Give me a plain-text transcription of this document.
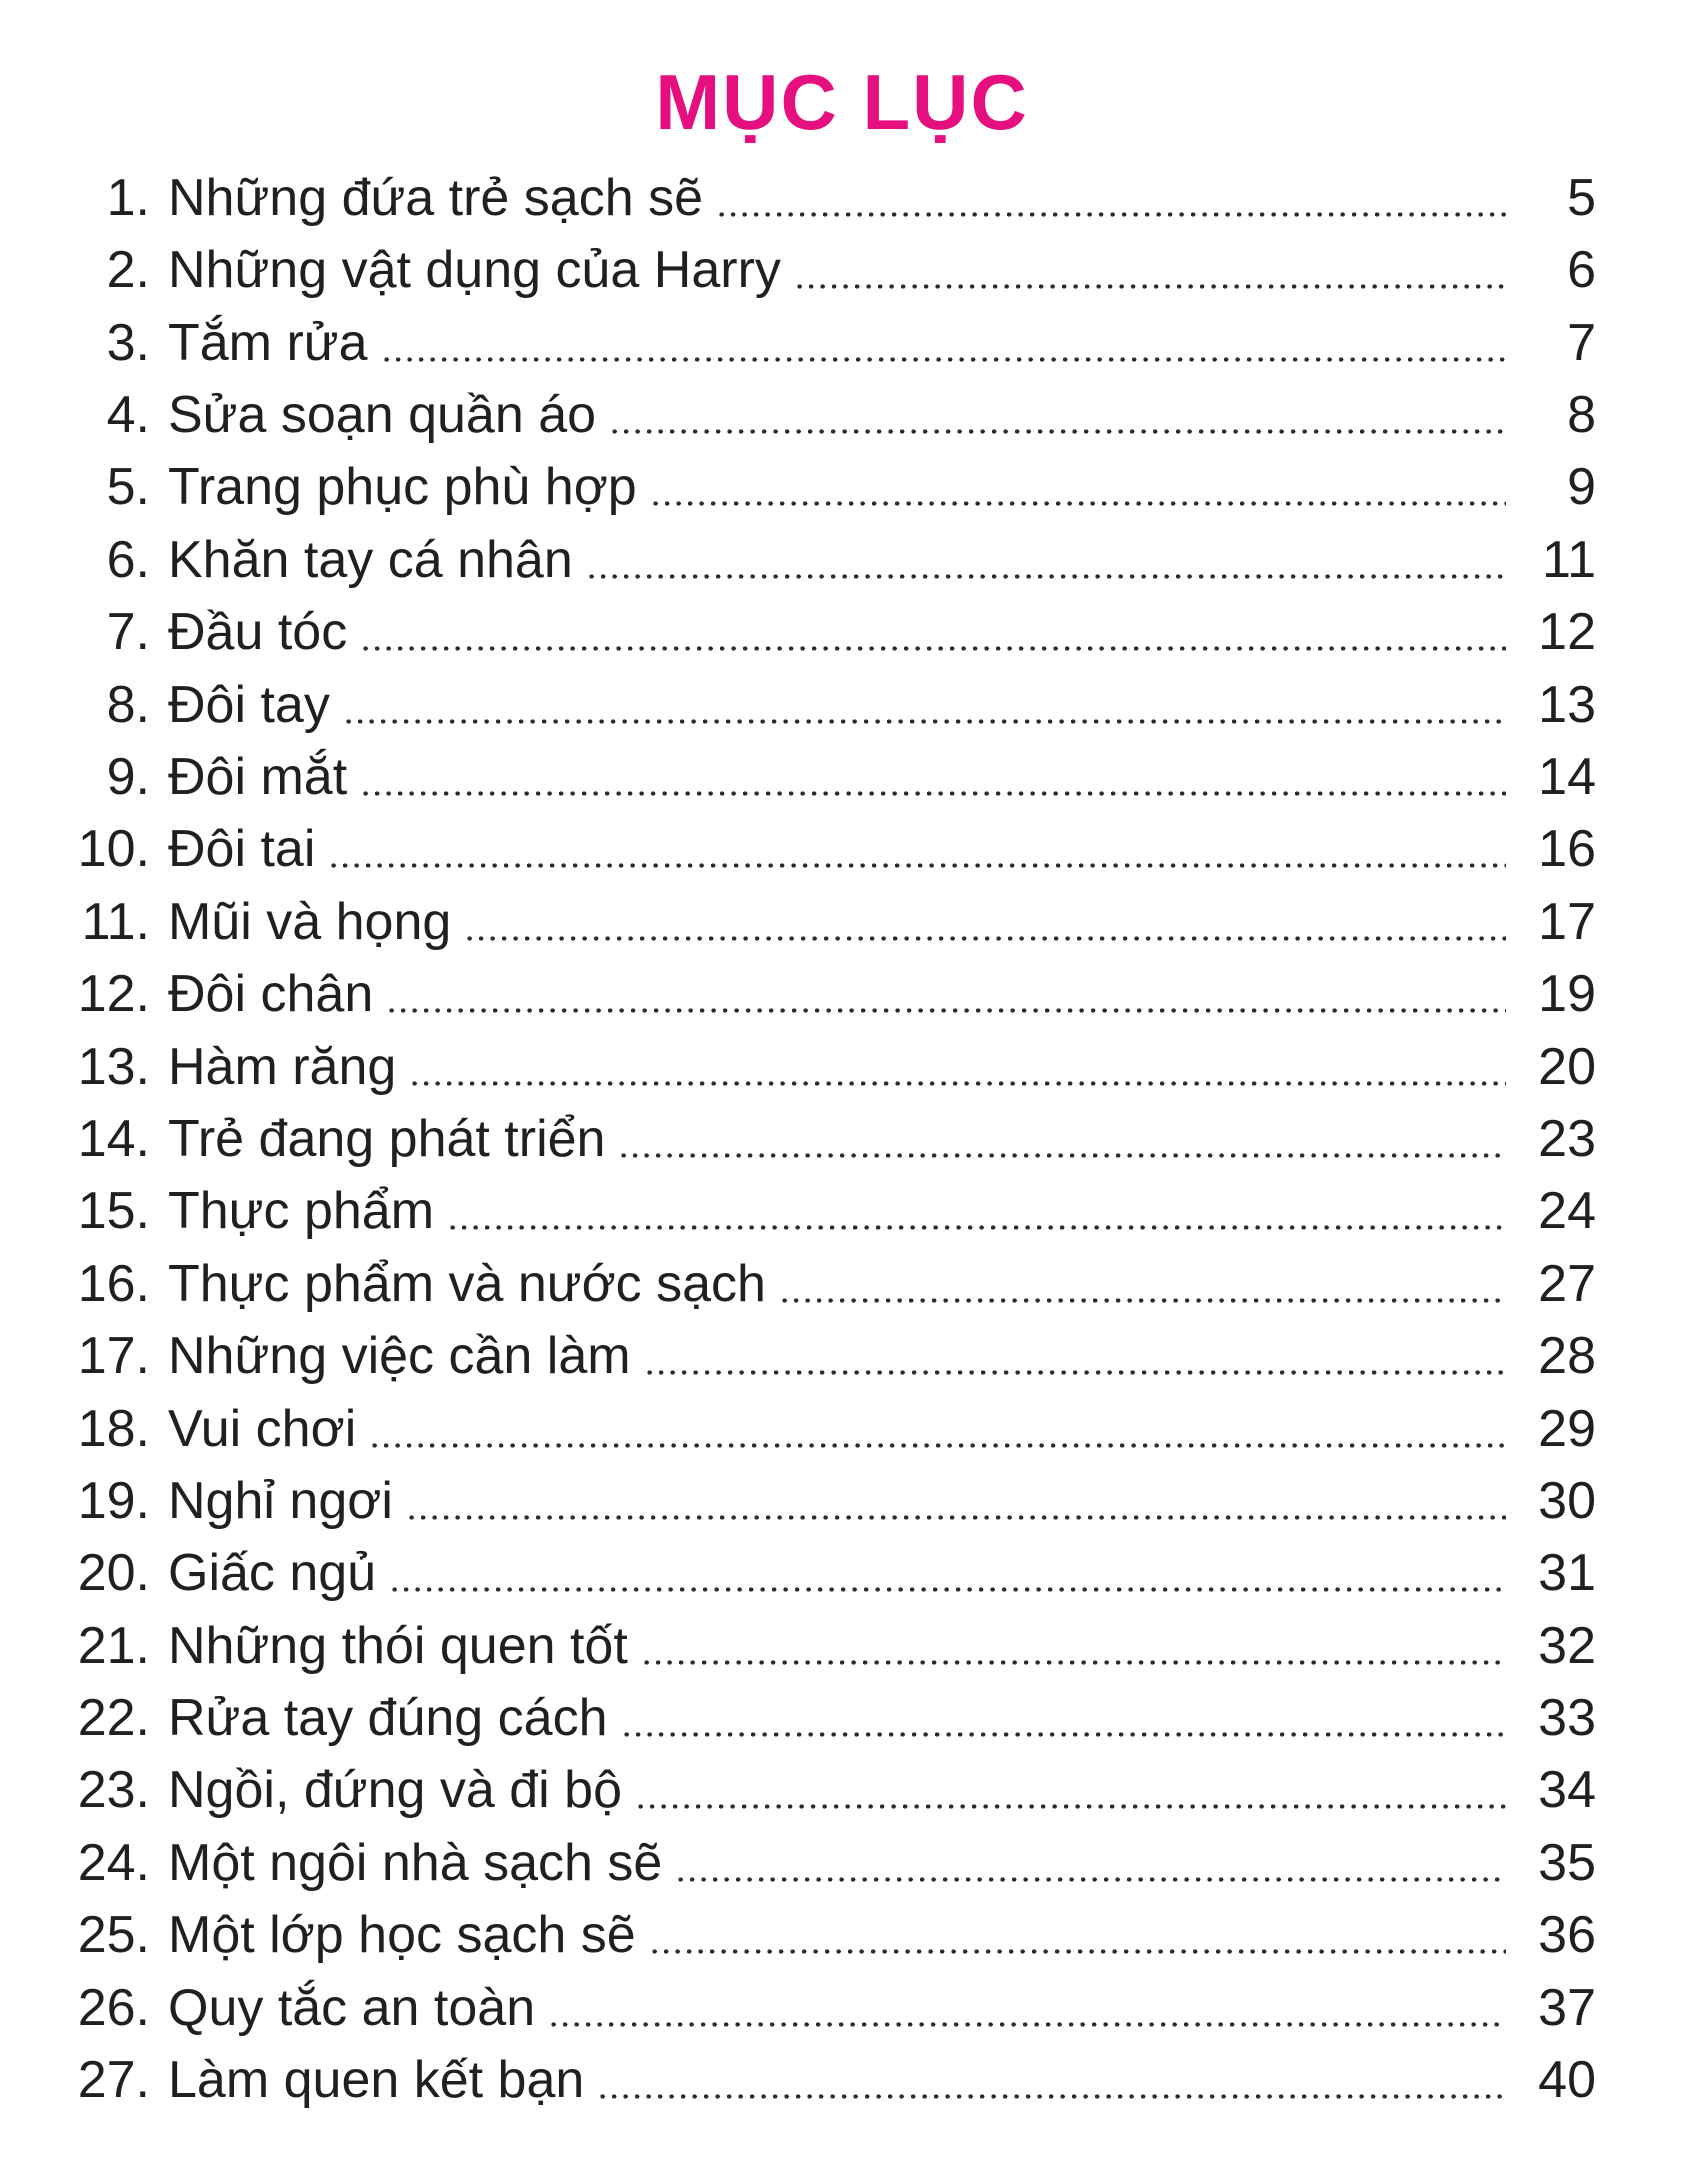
MỤC LỤC
1. Những đứa trẻ sạch sẽ	5
2. Những vật dụng của Harry	6
3. Tắm rửa	7
4. Sửa soạn quần áo	8
5. Trang phục phù hợp	9
6. Khăn tay cá nhân	11
7. Đầu tóc	12
8. Đôi tay	13
9. Đôi mắt	14
10. Đôi tai	16
11. Mũi và họng	17
12. Đôi chân	19
13. Hàm răng	20
14. Trẻ đang phát triển	23
15. Thực phẩm	24
16. Thực phẩm và nước sạch	27
17. Những việc cần làm	28
18. Vui chơi	29
19. Nghỉ ngơi	30
20. Giấc ngủ	31
21. Những thói quen tốt	32
22. Rửa tay đúng cách	33
23. Ngồi, đứng và đi bộ	34
24. Một ngôi nhà sạch sẽ	35
25. Một lớp học sạch sẽ	36
26. Quy tắc an toàn	37
27. Làm quen kết bạn	40
